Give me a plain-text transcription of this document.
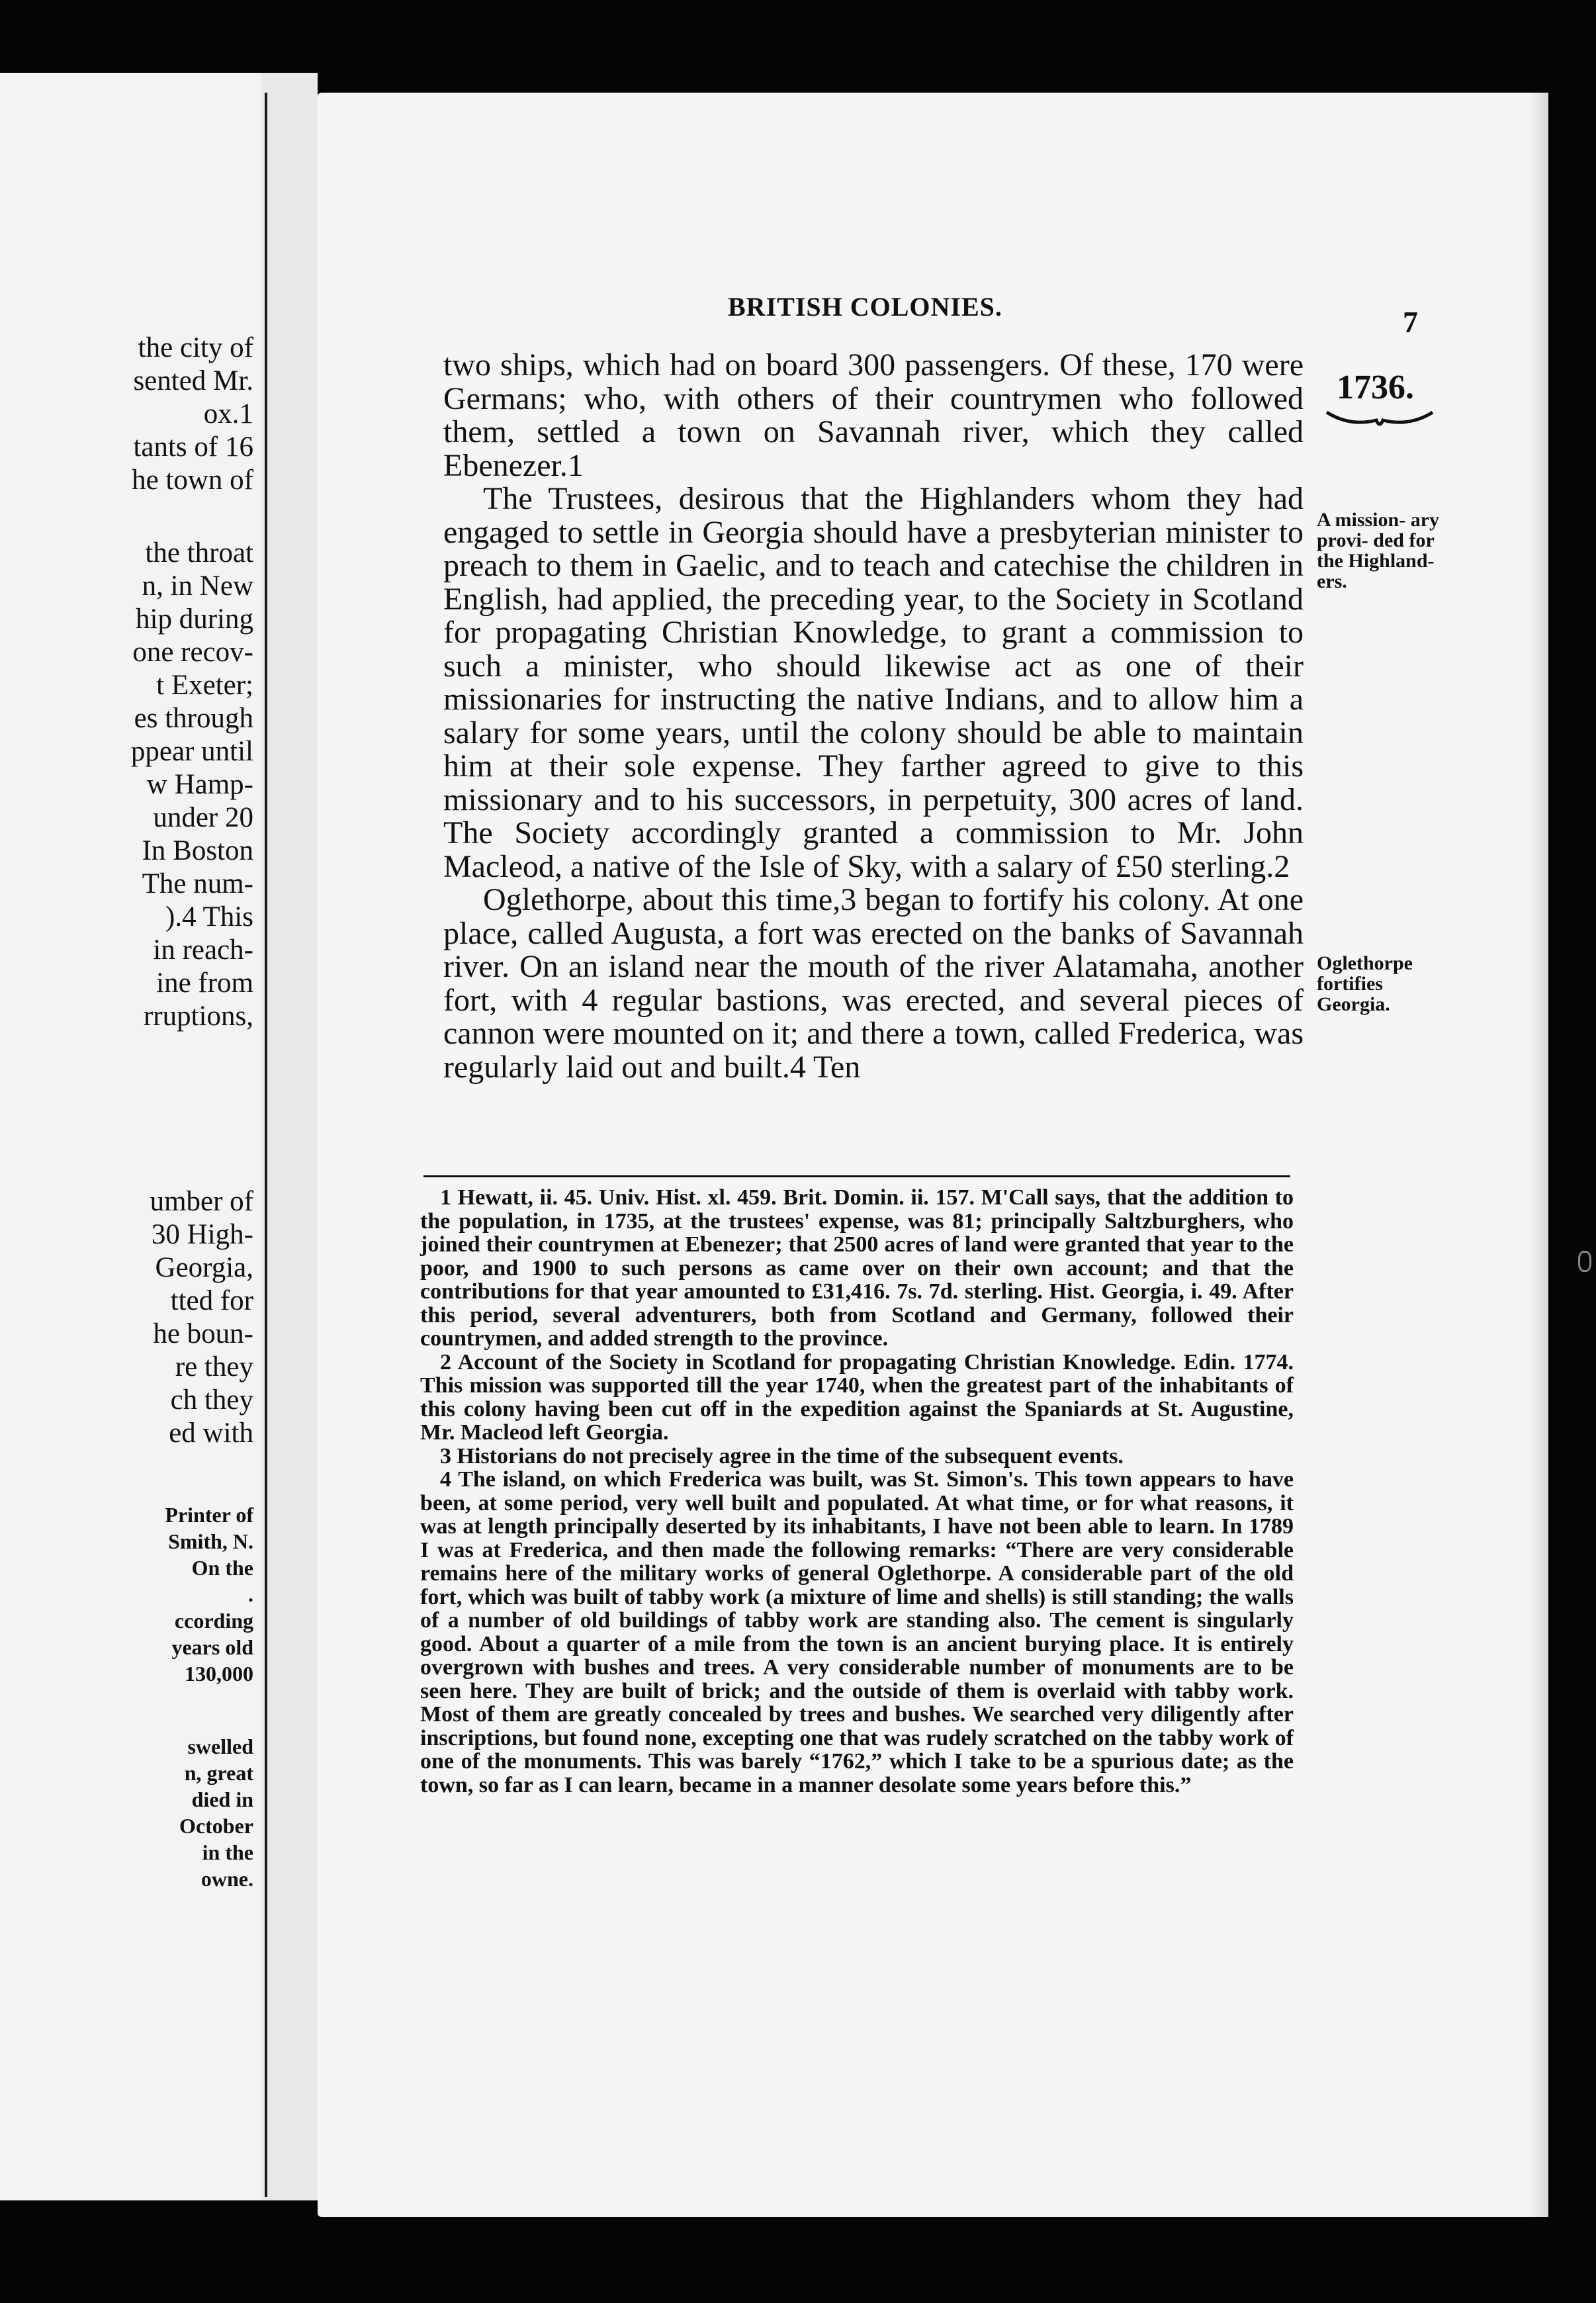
the city of
sented Mr.
ox.1
tants of 16
he town of
the throat
n, in New
hip during
one recov-
t Exeter;
es through
ppear until
w Hamp-
under 20
In Boston
The num-
).4 This
in reach-
ine from
rruptions,
umber of
30 High-
Georgia,
tted for
he boun-
re they
ch they
ed with
Printer of
Smith, N.
On the
.
ccording
years old
130,000
swelled
n, great
died in
October
in the
owne.
BRITISH COLONIES.	7
1736.
A mission- ary provi- ded for the Highland- ers.
Oglethorpe fortifies Georgia.

two ships, which had on board 300 passengers. Of these, 170 were Germans; who, with others of their countrymen who followed them, settled a town on Savannah river, which they called Ebenezer.1

The Trustees, desirous that the Highlanders whom they had engaged to settle in Georgia should have a presbyterian minister to preach to them in Gaelic, and to teach and catechise the children in English, had applied, the preceding year, to the Society in Scotland for propagating Christian Knowledge, to grant a commission to such a minister, who should likewise act as one of their missionaries for instructing the native Indians, and to allow him a salary for some years, until the colony should be able to maintain him at their sole expense. They farther agreed to give to this missionary and to his successors, in perpetuity, 300 acres of land. The Society accordingly granted a commission to Mr. John Macleod, a native of the Isle of Sky, with a salary of £50 sterling.2

Oglethorpe, about this time,3 began to fortify his colony. At one place, called Augusta, a fort was erected on the banks of Savannah river. On an island near the mouth of the river Alatamaha, another fort, with 4 regular bastions, was erected, and several pieces of cannon were mounted on it; and there a town, called Frederica, was regularly laid out and built.4 Ten

1 Hewatt, ii. 45. Univ. Hist. xl. 459. Brit. Domin. ii. 157. M'Call says, that the addition to the population, in 1735, at the trustees' expense, was 81; principally Saltzburghers, who joined their countrymen at Ebenezer; that 2500 acres of land were granted that year to the poor, and 1900 to such persons as came over on their own account; and that the contributions for that year amounted to £31,416. 7s. 7d. sterling. Hist. Georgia, i. 49. After this period, several adventurers, both from Scotland and Germany, followed their countrymen, and added strength to the province.

2 Account of the Society in Scotland for propagating Christian Knowledge. Edin. 1774. This mission was supported till the year 1740, when the greatest part of the inhabitants of this colony having been cut off in the expedition against the Spaniards at St. Augustine, Mr. Macleod left Georgia.

3 Historians do not precisely agree in the time of the subsequent events.

4 The island, on which Frederica was built, was St. Simon's. This town appears to have been, at some period, very well built and populated. At what time, or for what reasons, it was at length principally deserted by its inhabitants, I have not been able to learn. In 1789 I was at Frederica, and then made the following remarks: “There are very considerable remains here of the military works of general Oglethorpe. A considerable part of the old fort, which was built of tabby work (a mixture of lime and shells) is still standing; the walls of a number of old buildings of tabby work are standing also. The cement is singularly good. About a quarter of a mile from the town is an ancient burying place. It is entirely overgrown with bushes and trees. A very considerable number of monuments are to be seen here. They are built of brick; and the outside of them is overlaid with tabby work. Most of them are greatly concealed by trees and bushes. We searched very diligently after inscriptions, but found none, excepting one that was rudely scratched on the tabby work of one of the monuments. This was barely “1762,” which I take to be a spurious date; as the town, so far as I can learn, became in a manner desolate some years before this.”
